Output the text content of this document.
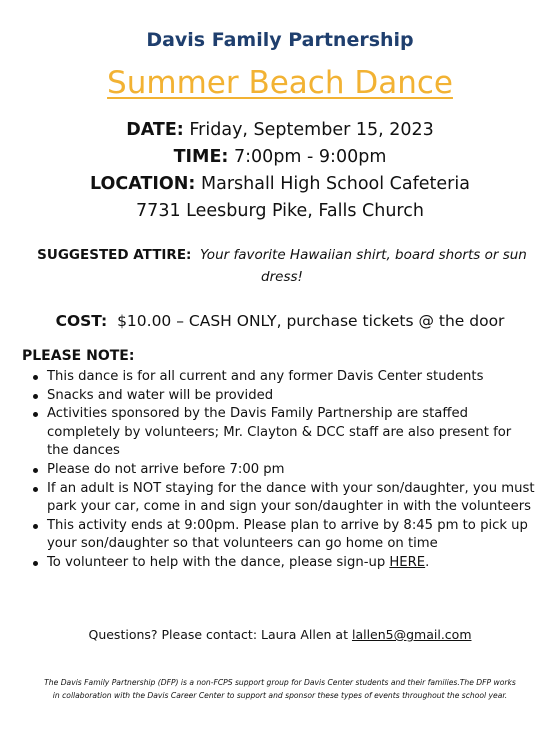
Davis Family Partnership
Summer Beach Dance
DATE: Friday, September 15, 2023
TIME: 7:00pm - 9:00pm
LOCATION: Marshall High School Cafeteria
7731 Leesburg Pike, Falls Church
SUGGESTED ATTIRE: Your favorite Hawaiian shirt, board shorts or sun
dress!
COST: $10.00 – CASH ONLY, purchase tickets @ the door
PLEASE NOTE:
This dance is for all current and any former Davis Center students
Snacks and water will be provided
Activities sponsored by the Davis Family Partnership are staffed
completely by volunteers; Mr. Clayton & DCC staff are also present for
the dances
Please do not arrive before 7:00 pm
If an adult is NOT staying for the dance with your son/daughter, you must
park your car, come in and sign your son/daughter in with the volunteers
This activity ends at 9:00pm. Please plan to arrive by 8:45 pm to pick up
your son/daughter so that volunteers can go home on time
To volunteer to help with the dance, please sign-up HERE.
Questions? Please contact: Laura Allen at lallen5@gmail.com
The Davis Family Partnership (DFP) is a non-FCPS support group for Davis Center students and their families.The DFP works
in collaboration with the Davis Career Center to support and sponsor these types of events throughout the school year.
